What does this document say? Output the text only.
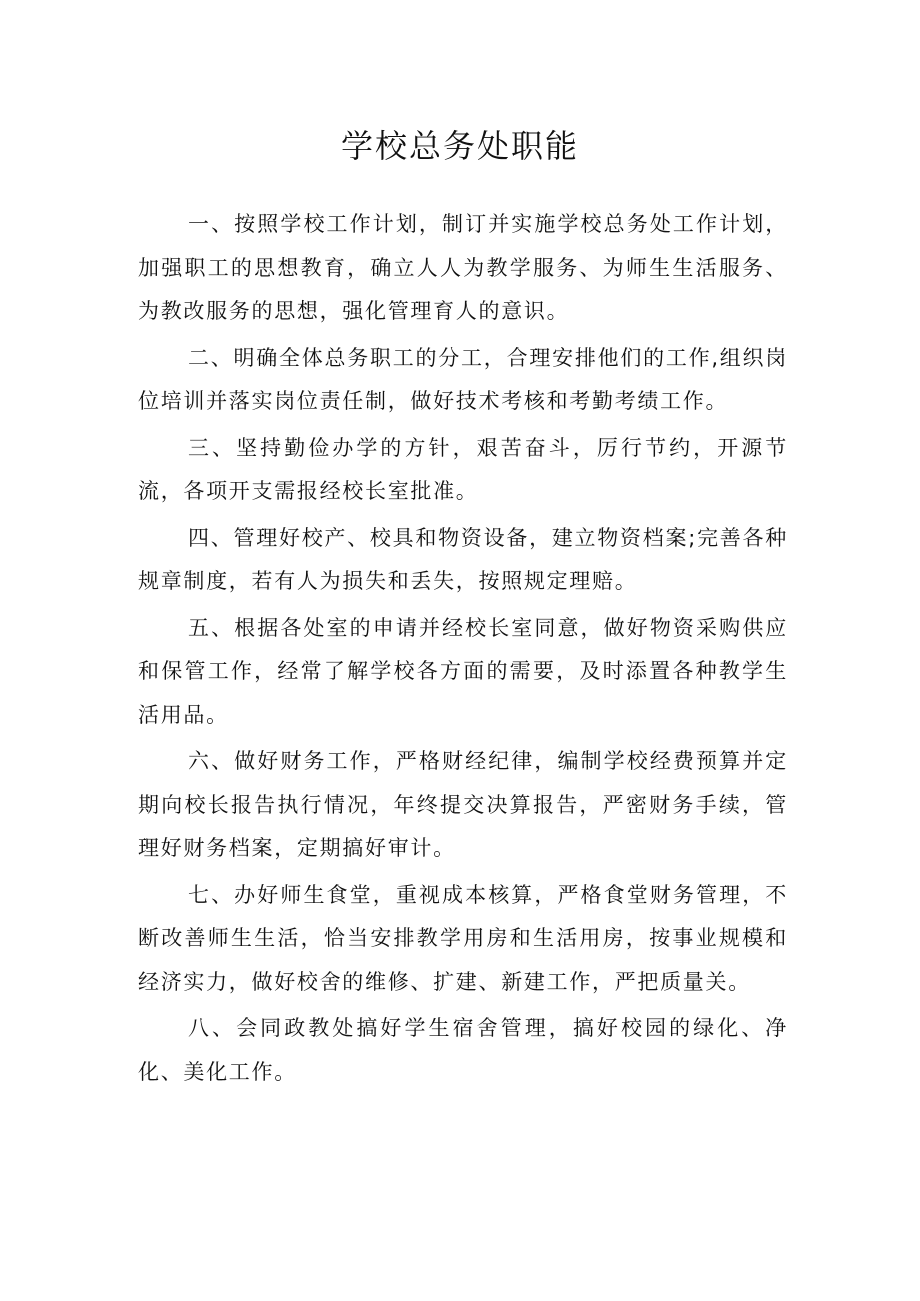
学校总务处职能

一、按照学校工作计划，制订并实施学校总务处工作计划，加强职工的思想教育，确立人人为教学服务、为师生生活服务、为教改服务的思想，强化管理育人的意识。

二、明确全体总务职工的分工，合理安排他们的工作,组织岗位培训并落实岗位责任制，做好技术考核和考勤考绩工作。

三、坚持勤俭办学的方针，艰苦奋斗，厉行节约，开源节流，各项开支需报经校长室批准。

四、管理好校产、校具和物资设备，建立物资档案;完善各种规章制度，若有人为损失和丢失，按照规定理赔。

五、根据各处室的申请并经校长室同意，做好物资采购供应和保管工作，经常了解学校各方面的需要，及时添置各种教学生活用品。

六、做好财务工作，严格财经纪律，编制学校经费预算并定期向校长报告执行情况，年终提交决算报告，严密财务手续，管理好财务档案，定期搞好审计。

七、办好师生食堂，重视成本核算，严格食堂财务管理，不断改善师生生活，恰当安排教学用房和生活用房，按事业规模和经济实力，做好校舍的维修、扩建、新建工作，严把质量关。

八、会同政教处搞好学生宿舍管理，搞好校园的绿化、净化、美化工作。
